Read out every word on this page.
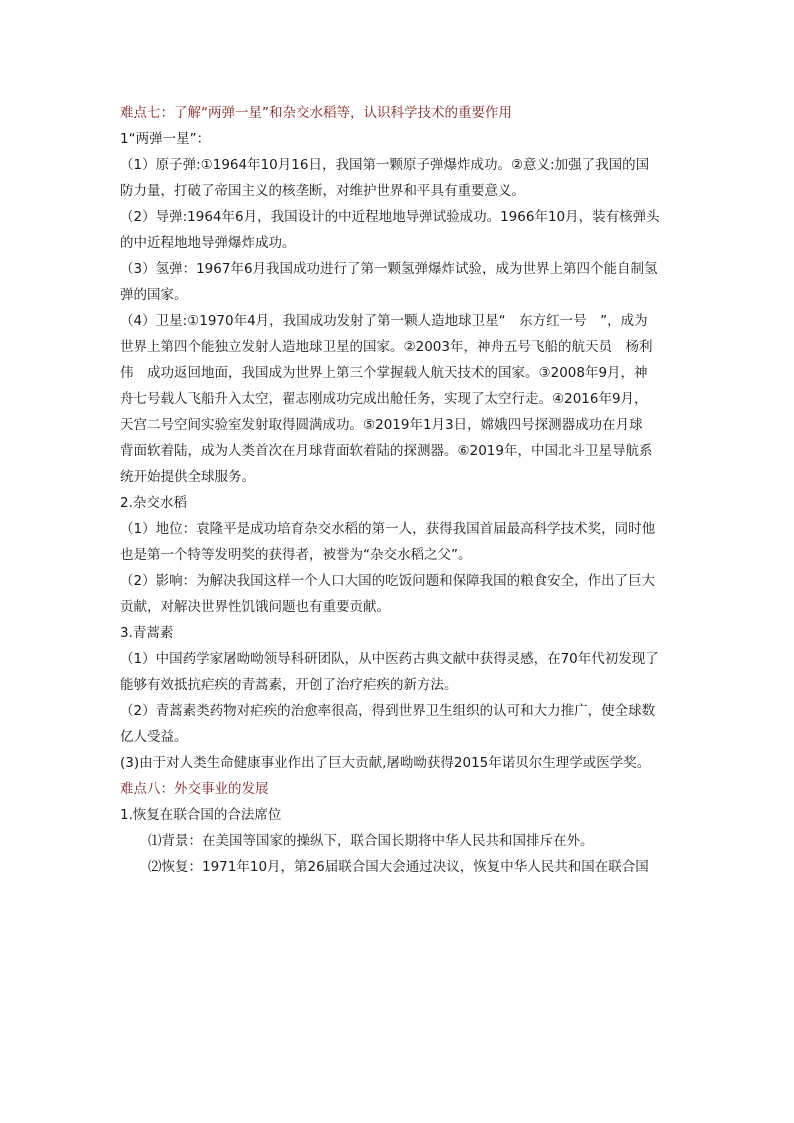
难点七：了解“两弹一星”和杂交水稻等，认识科学技术的重要作用

1“两弹一星”：

（1）原子弹:①1964年10月16日，我国第一颗原子弹爆炸成功。②意义:加强了我国的国

防力量，打破了帝国主义的核垄断，对维护世界和平具有重要意义。

（2）导弹:1964年6月，我国设计的中近程地地导弹试验成功。1966年10月，装有核弹头

的中近程地地导弹爆炸成功。

（3）氢弹：1967年6月我国成功进行了第一颗氢弹爆炸试验，成为世界上第四个能自制氢

弹的国家。

（4）卫星:①1970年4月，我国成功发射了第一颗人造地球卫星“　东方红一号　”，成为

世界上第四个能独立发射人造地球卫星的国家。②2003年，神舟五号飞船的航天员　杨利

伟　成功返回地面，我国成为世界上第三个掌握载人航天技术的国家。③2008年9月，神

舟七号载人飞船升入太空，翟志刚成功完成出舱任务，实现了太空行走。④2016年9月，

天宫二号空间实验室发射取得圆满成功。⑤2019年1月3日，嫦娥四号探测器成功在月球

背面软着陆，成为人类首次在月球背面软着陆的探测器。⑥2019年，中国北斗卫星导航系

统开始提供全球服务。

2.杂交水稻

（1）地位：袁隆平是成功培育杂交水稻的第一人，获得我国首届最高科学技术奖，同时他

也是第一个特等发明奖的获得者，被誉为“杂交水稻之父”。

（2）影响：为解决我国这样一个人口大国的吃饭问题和保障我国的粮食安全，作出了巨大

贡献，对解决世界性饥饿问题也有重要贡献。

3.青蒿素

（1）中国药学家屠呦呦领导科研团队，从中医药古典文献中获得灵感，在70年代初发现了

能够有效抵抗疟疾的青蒿素，开创了治疗疟疾的新方法。

（2）青蒿素类药物对疟疾的治愈率很高，得到世界卫生组织的认可和大力推广，使全球数

亿人受益。

(3)由于对人类生命健康事业作出了巨大贡献,屠呦呦获得2015年诺贝尔生理学或医学奖。

难点八：外交事业的发展

1.恢复在联合国的合法席位

⑴背景：在美国等国家的操纵下，联合国长期将中华人民共和国排斥在外。

⑵恢复：1971年10月，第26届联合国大会通过决议，恢复中华人民共和国在联合国
